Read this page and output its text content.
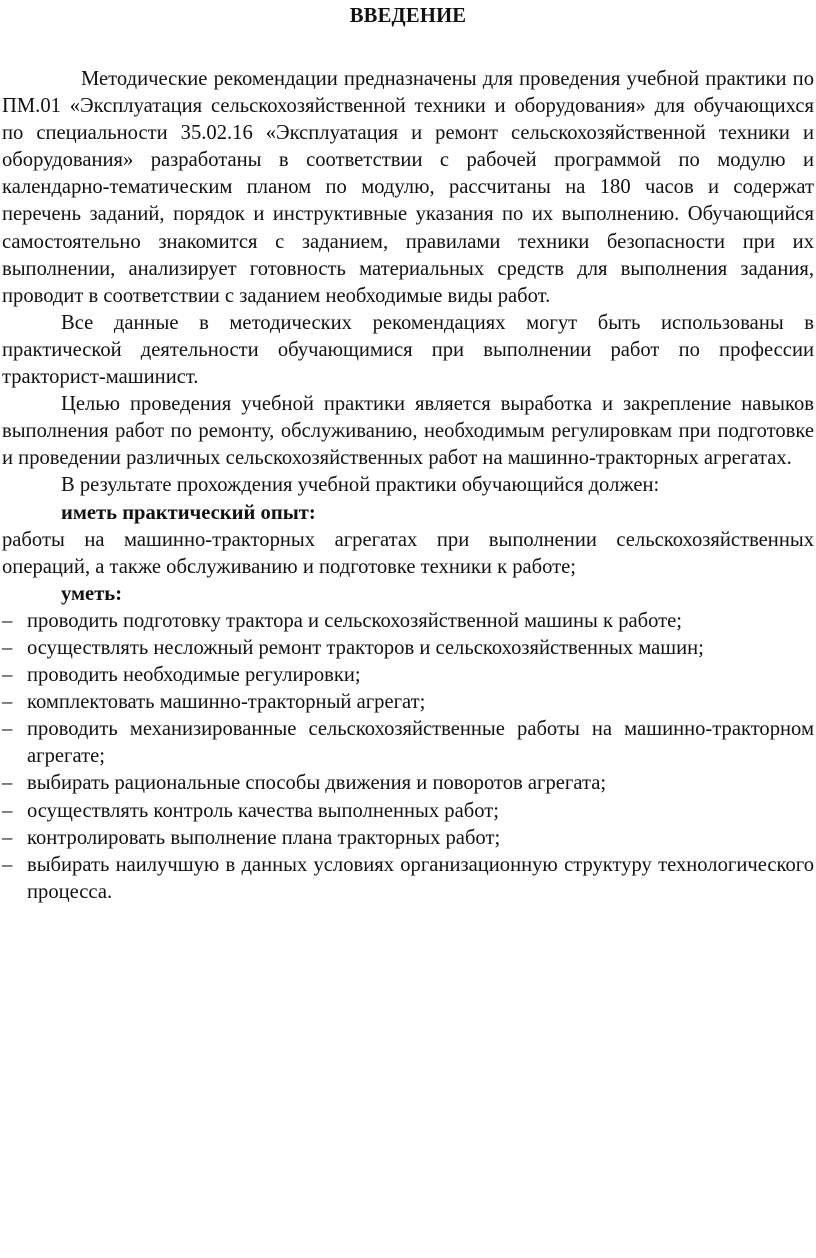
ВВЕДЕНИЕ

Методические рекомендации предназначены для проведения учебной практики по ПМ.01 «Эксплуатация сельскохозяйственной техники и оборудования» для обучающихся по специальности 35.02.16 «Эксплуатация и ремонт сельскохозяйственной техники и оборудования» разработаны в соответствии с рабочей программой по модулю и календарно-тематическим планом по модулю, рассчитаны на 180 часов и содержат перечень заданий, порядок и инструктивные указания по их выполнению. Обучающийся самостоятельно знакомится с заданием, правилами техники безопасности при их выполнении, анализирует готовность материальных средств для выполнения задания, проводит в соответствии с заданием необходимые виды работ.

Все данные в методических рекомендациях могут быть использованы в практической деятельности обучающимися при выполнении работ по профессии тракторист-машинист.

Целью проведения учебной практики является выработка и закрепление навыков выполнения работ по ремонту, обслуживанию, необходимым регулировкам при подготовке и проведении различных сельскохозяйственных работ на машинно-тракторных агрегатах.

В результате прохождения учебной практики обучающийся должен:

иметь практический опыт:

работы на машинно-тракторных агрегатах при выполнении сельскохозяйственных операций, а также обслуживанию и подготовке техники к работе;

уметь:

– проводить подготовку трактора и сельскохозяйственной машины к работе;
– осуществлять несложный ремонт тракторов и сельскохозяйственных машин;
– проводить необходимые регулировки;
– комплектовать машинно-тракторный агрегат;
– проводить механизированные сельскохозяйственные работы на машинно-тракторном агрегате;
– выбирать рациональные способы движения и поворотов агрегата;
– осуществлять контроль качества выполненных работ;
– контролировать выполнение плана тракторных работ;
– выбирать наилучшую в данных условиях организационную структуру технологического процесса.
